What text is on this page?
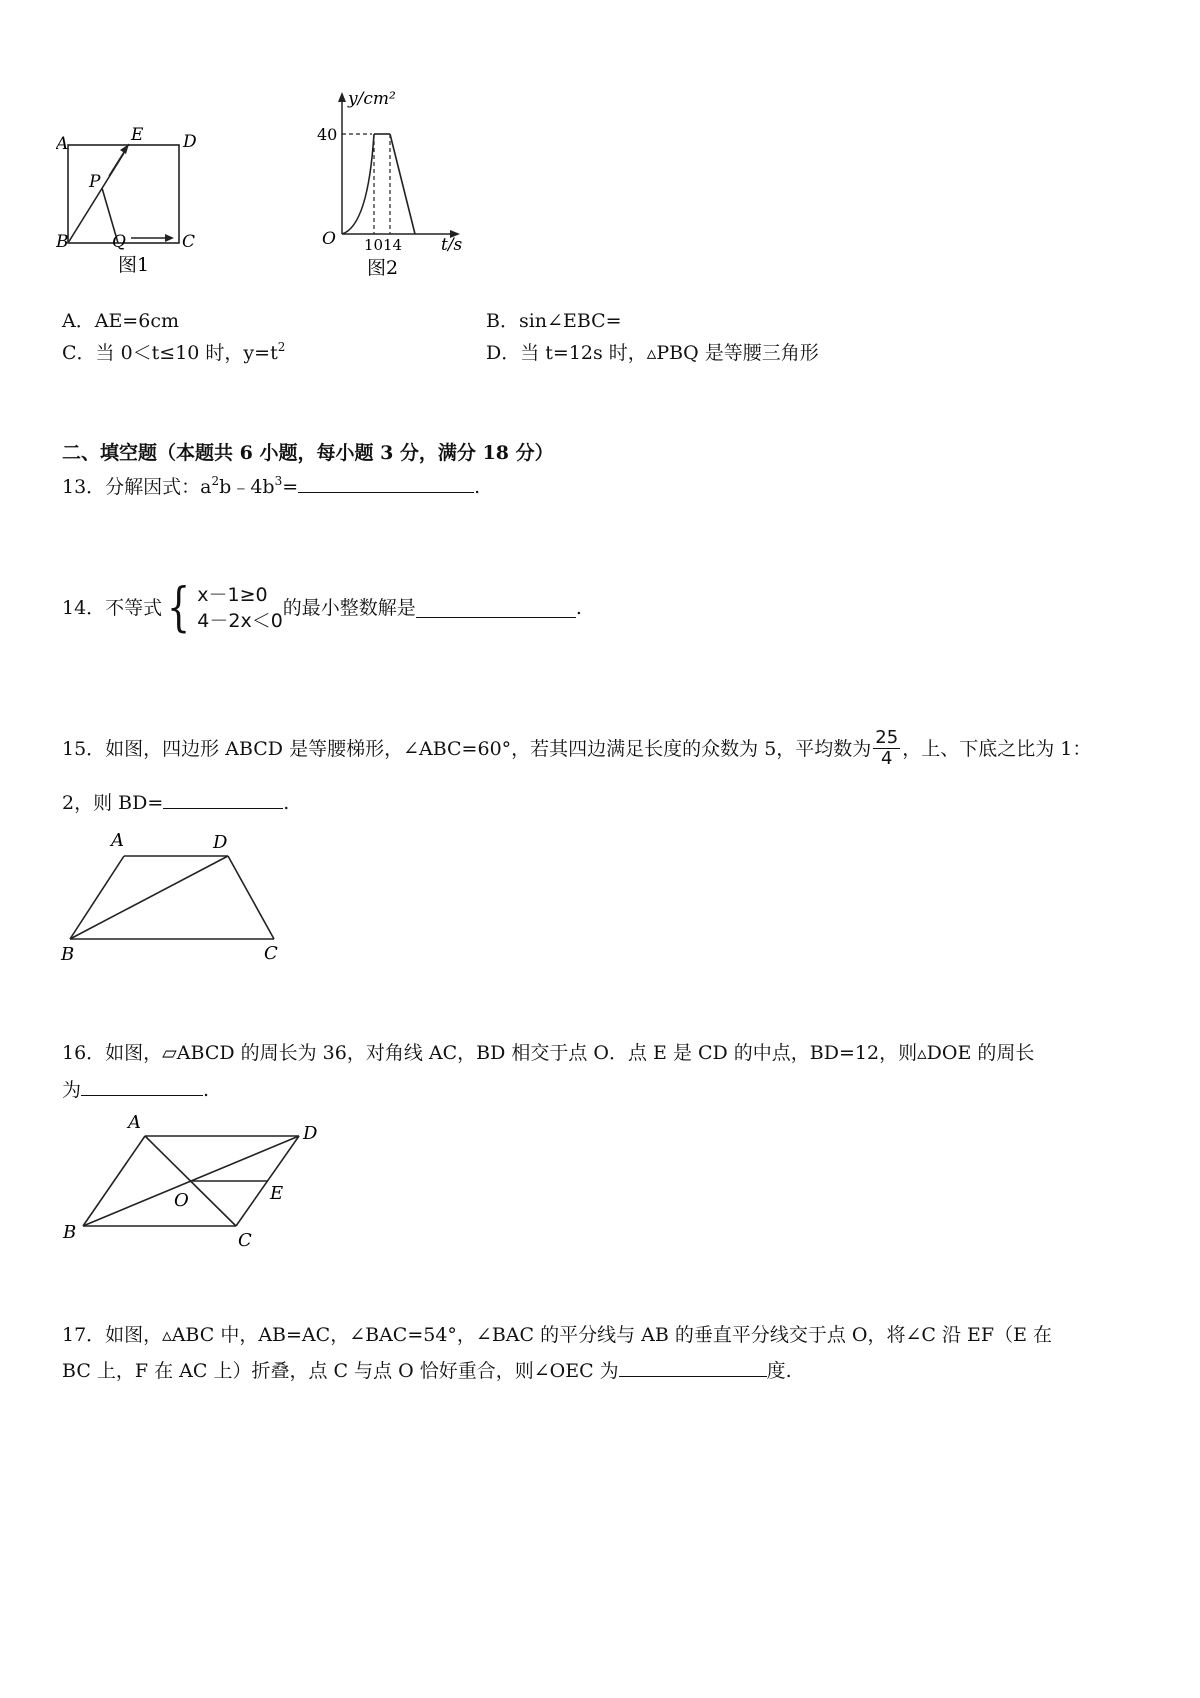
A	E D
P
B	Q	C
图1
y/cm²
40
O 10 14 t/s
图2
A．AE=6cm	B．sin∠EBC=
C．当 0＜t≤10 时，$y=t^2$	D．当 t=12s 时，▵PBQ 是等腰三角形
二、填空题（本题共 6 小题，每小题 3 分，满分 18 分）
13．分解因式：$a^2b﹣4b^3=$	.
14．不等式 { x－1≥0
4－2x＜0
的最小整数解是	.
15．如图，四边形 ABCD 是等腰梯形，∠ABC=60°，若其四边满足长度的众数为 5，平均数为 $\frac{25}{4}$ ，上、下底之比为 1：
2，则 BD=	.
A	D
B	C
16．如图，▱ABCD 的周长为 36，对角线 AC，BD 相交于点 O．点 E 是 CD 的中点，BD=12，则▵DOE 的周长
为	.
A
D
O	E
B	C
17．如图，▵ABC 中，AB=AC，∠BAC=54°，∠BAC 的平分线与 AB 的垂直平分线交于点 O，将∠C 沿 EF（E 在
BC 上，F 在 AC 上）折叠，点 C 与点 O 恰好重合，则∠OEC 为	度.
